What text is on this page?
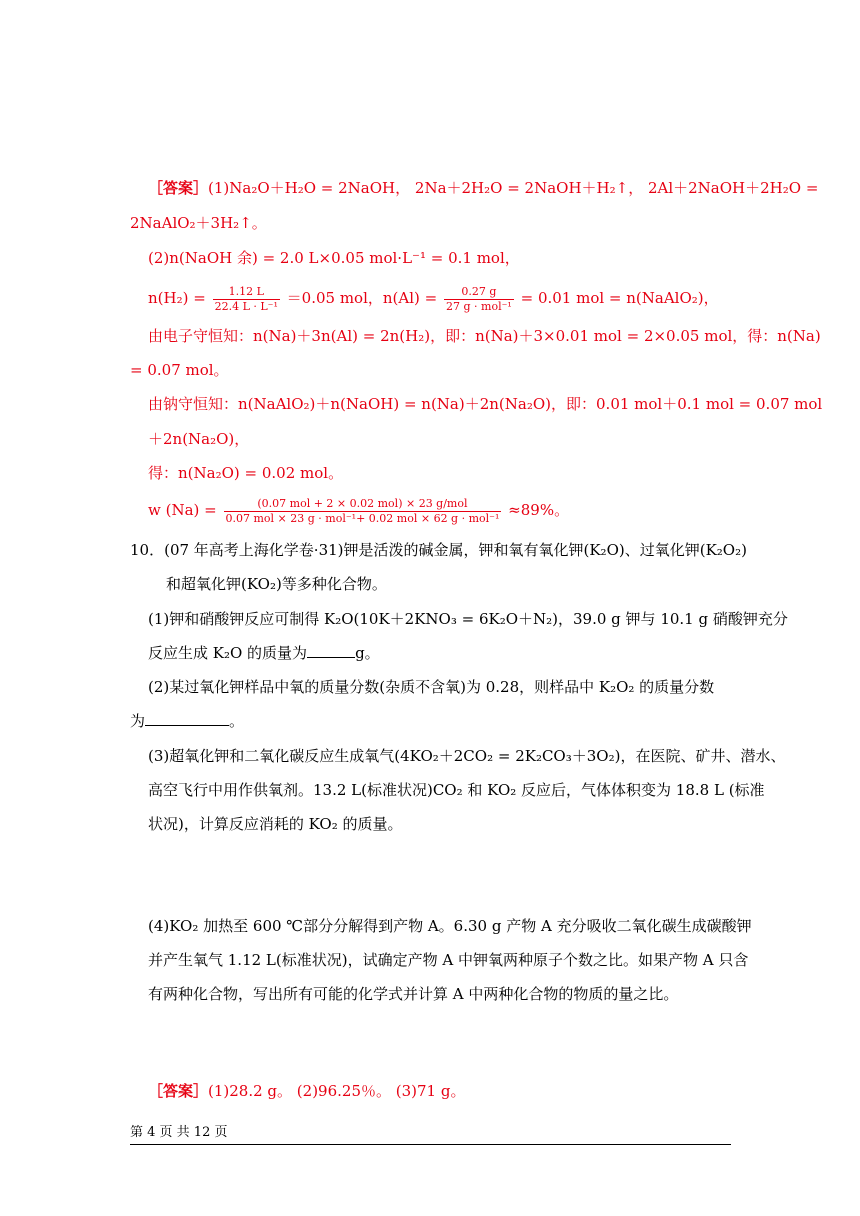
［答案］(1)Na₂O＋H₂O = 2NaOH， 2Na＋2H₂O = 2NaOH＋H₂↑， 2Al＋2NaOH＋2H₂O =
2NaAlO₂＋3H₂↑。
(2)n(NaOH 余) = 2.0 L×0.05 mol·L⁻¹ = 0.1 mol，
$n(H_2) = \frac{1.12 L}{\text{22.4 L · L⁻¹}} =0.05$ mol，$n(Al) = \frac{0.27 g}{\text{27 g · mol⁻¹}} = 0.01$ mol = n(NaAlO₂)，
由电子守恒知：n(Na)＋3n(Al) = 2n(H₂)，即：n(Na)＋3×0.01 mol = 2×0.05 mol，得：n(Na)
= 0.07 mol。
由钠守恒知：n(NaAlO₂)＋n(NaOH) = n(Na)＋2n(Na₂O)，即：0.01 mol＋0.1 mol = 0.07 mol
＋2n(Na₂O)，
得：n(Na₂O) = 0.02 mol。
w $(Na) = \frac{\text{(0.07 mol + 2 × 0.02 mol) × 23 g/mol}}{\text{0.07 mol × 23 g · mol⁻¹+ 0.02 mol × 62 g · mol⁻¹}} \approx 89\%$。
10．(07 年高考上海化学卷·31)钾是活泼的碱金属，钾和氧有氧化钾(K₂O)、过氧化钾(K₂O₂)
和超氧化钾(KO₂)等多种化合物。
(1)钾和硝酸钾反应可制得 K₂O(10K＋2KNO₃ = 6K₂O＋N₂)，39.0 g 钾与 10.1 g 硝酸钾充分
反应生成 K₂O 的质量为	g。
(2)某过氧化钾样品中氧的质量分数(杂质不含氧)为 0.28，则样品中 K₂O₂ 的质量分数
为	。
(3)超氧化钾和二氧化碳反应生成氧气(4KO₂＋2CO₂ = 2K₂CO₃＋3O₂)，在医院、矿井、潜水、
高空飞行中用作供氧剂。13.2 L(标准状况)CO₂ 和 KO₂ 反应后，气体体积变为 18.8 L (标准
状况)，计算反应消耗的 KO₂ 的质量。
(4)KO₂ 加热至 600 ℃部分分解得到产物 A。6.30 g 产物 A 充分吸收二氧化碳生成碳酸钾
并产生氧气 1.12 L(标准状况)，试确定产物 A 中钾氧两种原子个数之比。如果产物 A 只含
有两种化合物，写出所有可能的化学式并计算 A 中两种化合物的物质的量之比。
［答案］(1)28.2 g。 (2)96.25％。 (3)71 g。
第 4 页 共 12 页
